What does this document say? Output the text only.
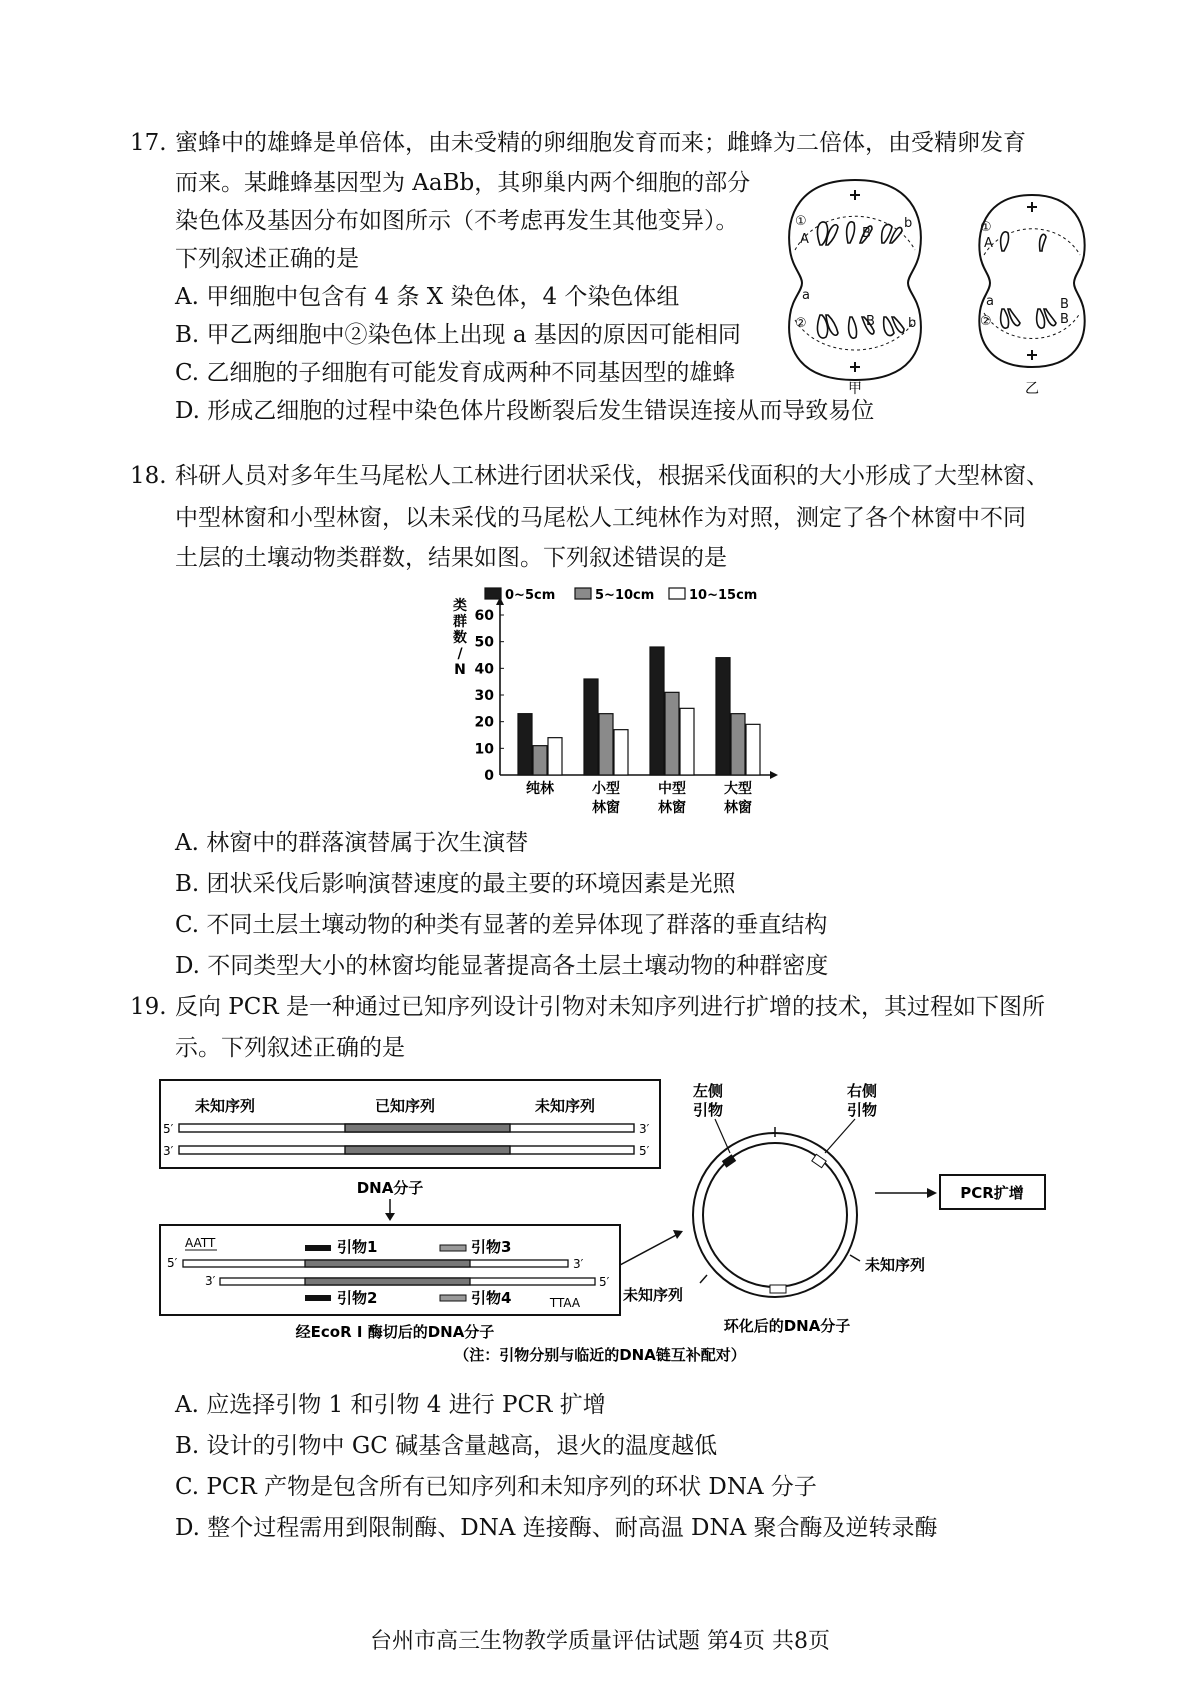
17. 蜜蜂中的雄蜂是单倍体，由未受精的卵细胞发育而来；雌蜂为二倍体，由受精卵发育
而来。某雌蜂基因型为 AaBb，其卵巢内两个细胞的部分
染色体及基因分布如图所示（不考虑再发生其他变异）。
下列叙述正确的是
A. 甲细胞中包含有 4 条 X 染色体，4 个染色体组
B. 甲乙两细胞中②染色体上出现 a 基因的原因可能相同
C. 乙细胞的子细胞有可能发育成两种不同基因型的雄蜂
D. 形成乙细胞的过程中染色体片段断裂后发生错误连接从而导致易位
①
A	B
b
a
②	B	b
①
A
a
②
B
B
甲	乙
18. 科研人员对多年生马尾松人工林进行团状采伐，根据采伐面积的大小形成了大型林窗、
中型林窗和小型林窗，以未采伐的马尾松人工纯林作为对照，测定了各个林窗中不同
土层的土壤动物类群数，结果如图。下列叙述错误的是
0
10
20
30
40
50
60
类
群
数
/
N
纯林	小型
林窗
中型
林窗
大型
林窗
0~5cm	5~10cm	10~15cm
A. 林窗中的群落演替属于次生演替
B. 团状采伐后影响演替速度的最主要的环境因素是光照
C. 不同土层土壤动物的种类有显著的差异体现了群落的垂直结构
D. 不同类型大小的林窗均能显著提高各土层土壤动物的种群密度
19. 反向 PCR 是一种通过已知序列设计引物对未知序列进行扩增的技术，其过程如下图所
示。下列叙述正确的是
未知序列	已知序列	未知序列
5′	3′
3′	5′
DNA分子
AATT
5′	3′
3′	5′
TTAA
引物1	引物3
引物2	引物4
经EcoR I 酶切后的DNA分子
左侧
引物
右侧
引物
未知序列
未知序列
环化后的DNA分子
PCR扩增
（注：引物分别与临近的DNA链互补配对）
A. 应选择引物 1 和引物 4 进行 PCR 扩增
B. 设计的引物中 GC 碱基含量越高，退火的温度越低
C. PCR 产物是包含所有已知序列和未知序列的环状 DNA 分子
D. 整个过程需用到限制酶、DNA 连接酶、耐高温 DNA 聚合酶及逆转录酶
台州市高三生物教学质量评估试题 第4页 共8页
